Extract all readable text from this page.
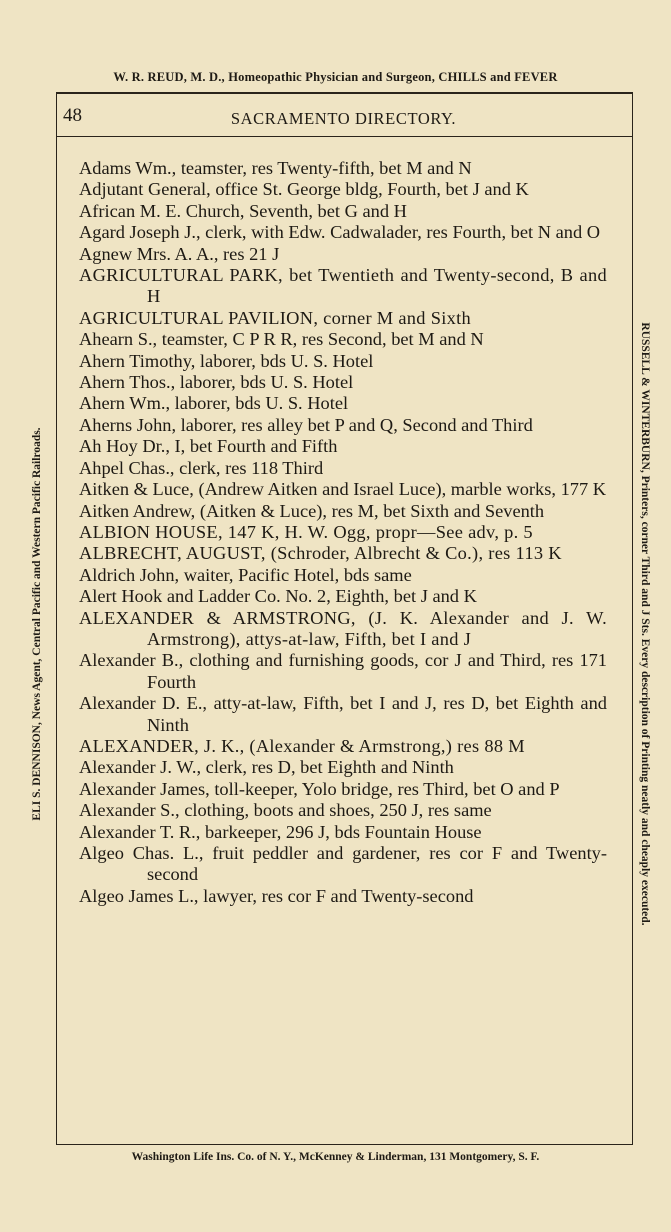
W. R. REUD, M. D., Homeopathic Physician and Surgeon, CHILLS and FEVER
ELI S. DENNISON, News Agent, Central Pacific and Western Pacific Railroads.	RUSSELL & WINTERBURN, Printers, corner Third and J Sts. Every description of Printing neatly and cheaply executed.
48	SACRAMENTO DIRECTORY.
Adams Wm., teamster, res Twenty-fifth, bet M and N
Adjutant General, office St. George bldg, Fourth, bet J and K
African M. E. Church, Seventh, bet G and H
Agard Joseph J., clerk, with Edw. Cadwalader, res Fourth, bet N and O
Agnew Mrs. A. A., res 21 J
AGRICULTURAL PARK, bet Twentieth and Twenty-second, B and H
AGRICULTURAL PAVILION, corner M and Sixth
Ahearn S., teamster, C P R R, res Second, bet M and N
Ahern Timothy, laborer, bds U. S. Hotel
Ahern Thos., laborer, bds U. S. Hotel
Ahern Wm., laborer, bds U. S. Hotel
Aherns John, laborer, res alley bet P and Q, Second and Third
Ah Hoy Dr., I, bet Fourth and Fifth
Ahpel Chas., clerk, res 118 Third
Aitken & Luce, (Andrew Aitken and Israel Luce), marble works, 177 K
Aitken Andrew, (Aitken & Luce), res M, bet Sixth and Seventh
ALBION HOUSE, 147 K, H. W. Ogg, propr—See adv, p. 5
ALBRECHT, AUGUST, (Schroder, Albrecht & Co.), res 113 K
Aldrich John, waiter, Pacific Hotel, bds same
Alert Hook and Ladder Co. No. 2, Eighth, bet J and K
ALEXANDER & ARMSTRONG, (J. K. Alexander and J. W. Armstrong), attys-at-law, Fifth, bet I and J
Alexander B., clothing and furnishing goods, cor J and Third, res 171 Fourth
Alexander D. E., atty-at-law, Fifth, bet I and J, res D, bet Eighth and Ninth
ALEXANDER, J. K., (Alexander & Armstrong,) res 88 M
Alexander J. W., clerk, res D, bet Eighth and Ninth
Alexander James, toll-keeper, Yolo bridge, res Third, bet O and P
Alexander S., clothing, boots and shoes, 250 J, res same
Alexander T. R., barkeeper, 296 J, bds Fountain House
Algeo Chas. L., fruit peddler and gardener, res cor F and Twenty-second
Algeo James L., lawyer, res cor F and Twenty-second
Washington Life Ins. Co. of N. Y., McKenney & Linderman, 131 Montgomery, S. F.
